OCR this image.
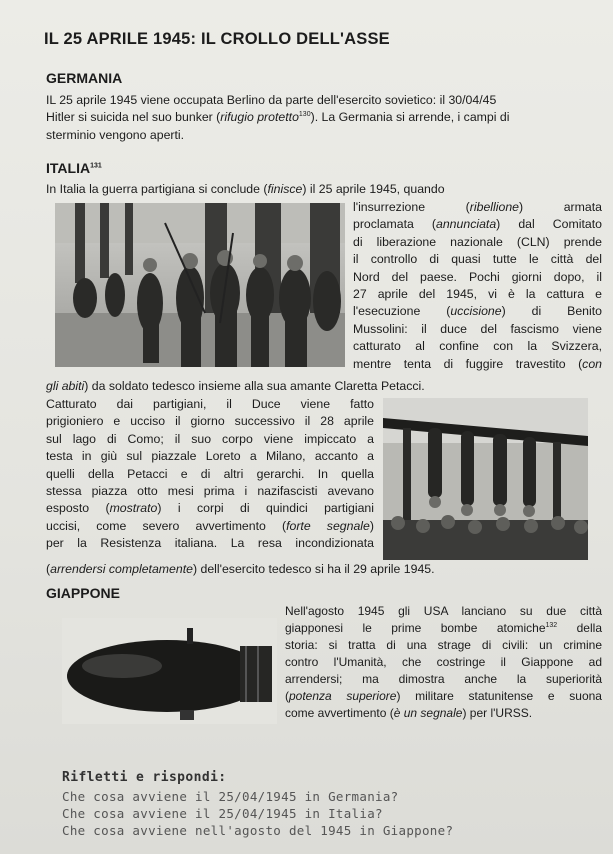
IL 25 APRILE 1945: IL CROLLO DELL'ASSE
GERMANIA
IL 25 aprile 1945 viene occupata Berlino da parte dell'esercito sovietico: il 30/04/45
Hitler si suicida nel suo bunker (rifugio protetto$^{130}$). La Germania si arrende, i campi di
sterminio vengono aperti.
ITALIA$^{131}$
In Italia la guerra partigiana si conclude (finisce) il 25 aprile 1945, quando
l'insurrezione (ribellione) armata
proclamata (annunciata) dal Comitato
di liberazione nazionale (CLN) prende
il controllo di quasi tutte le città del
Nord del paese. Pochi giorni dopo, il
27 aprile del 1945, vi è la cattura e
l'esecuzione (uccisione) di Benito
Mussolini: il duce del fascismo viene
catturato al confine con la Svizzera,
mentre tenta di fuggire travestito (con
gli abiti) da soldato tedesco insieme alla sua amante Claretta Petacci.
Catturato dai partigiani, il Duce viene fatto
prigioniero e ucciso il giorno successivo il 28 aprile
sul lago di Como; il suo corpo viene impiccato a
testa in giù sul piazzale Loreto a Milano, accanto a
quelli della Petacci e di altri gerarchi. In quella
stessa piazza otto mesi prima i nazifascisti avevano
esposto (mostrato) i corpi di quindici partigiani
uccisi, come severo avvertimento (forte segnale)
per la Resistenza italiana. La resa incondizionata
(arrendersi completamente) dell'esercito tedesco si ha il 29 aprile 1945.
GIAPPONE
Nell'agosto 1945 gli USA lanciano su due città
giapponesi le prime bombe atomiche$^{132}$ della
storia: si tratta di una strage di civili: un crimine
contro l'Umanità, che costringe il Giappone ad
arrendersi; ma dimostra anche la superiorità
(potenza superiore) militare statunitense e suona
come avvertimento (è un segnale) per l'URSS.
Rifletti e rispondi:
Che cosa avviene il 25/04/1945 in Germania?
Che cosa avviene il 25/04/1945 in Italia?
Che cosa avviene nell'agosto del 1945 in Giappone?
